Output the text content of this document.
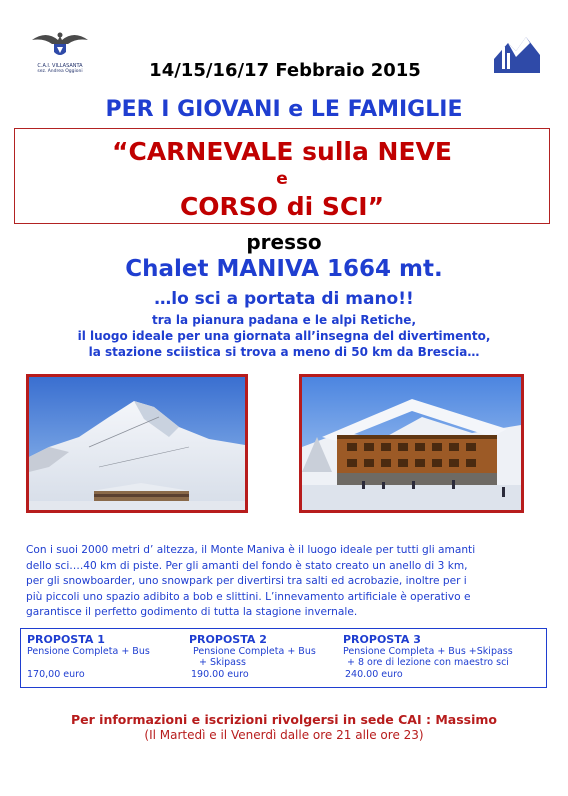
C.A.I. VILLASANTA
sez. Andrea Oggioni	14/15/16/17 Febbraio 2015
PER I GIOVANI e LE FAMIGLIE
“CARNEVALE sulla NEVE
e
CORSO di SCI”
presso
Chalet MANIVA 1664 mt.
…lo sci a portata di mano!!
tra la pianura padana e le alpi Retiche,
il luogo ideale per una giornata all’insegna del divertimento,
la stazione sciistica si trova a meno di 50 km da Brescia…
Con i suoi 2000 metri d’ altezza, il Monte Maniva è il luogo ideale per tutti gli amanti
dello sci….40 km di piste. Per gli amanti del fondo è stato creato un anello di 3 km,
per gli snowboarder, uno snowpark per divertirsi tra salti ed acrobazie, inoltre per i
più piccoli uno spazio adibito a bob e slittini. L’innevamento artificiale è operativo e
garantisce il perfetto godimento di tutta la stagione invernale.
PROPOSTA 1
Pensione Completa + Bus
170,00 euro
PROPOSTA 2
Pensione Completa + Bus
+ Skipass
190.00 euro
PROPOSTA 3
Pensione Completa + Bus +Skipass
+ 8 ore di lezione con maestro sci
240.00 euro
Per informazioni e iscrizioni rivolgersi in sede CAI : Massimo
(Il Martedì e il Venerdì dalle ore 21 alle ore 23)
